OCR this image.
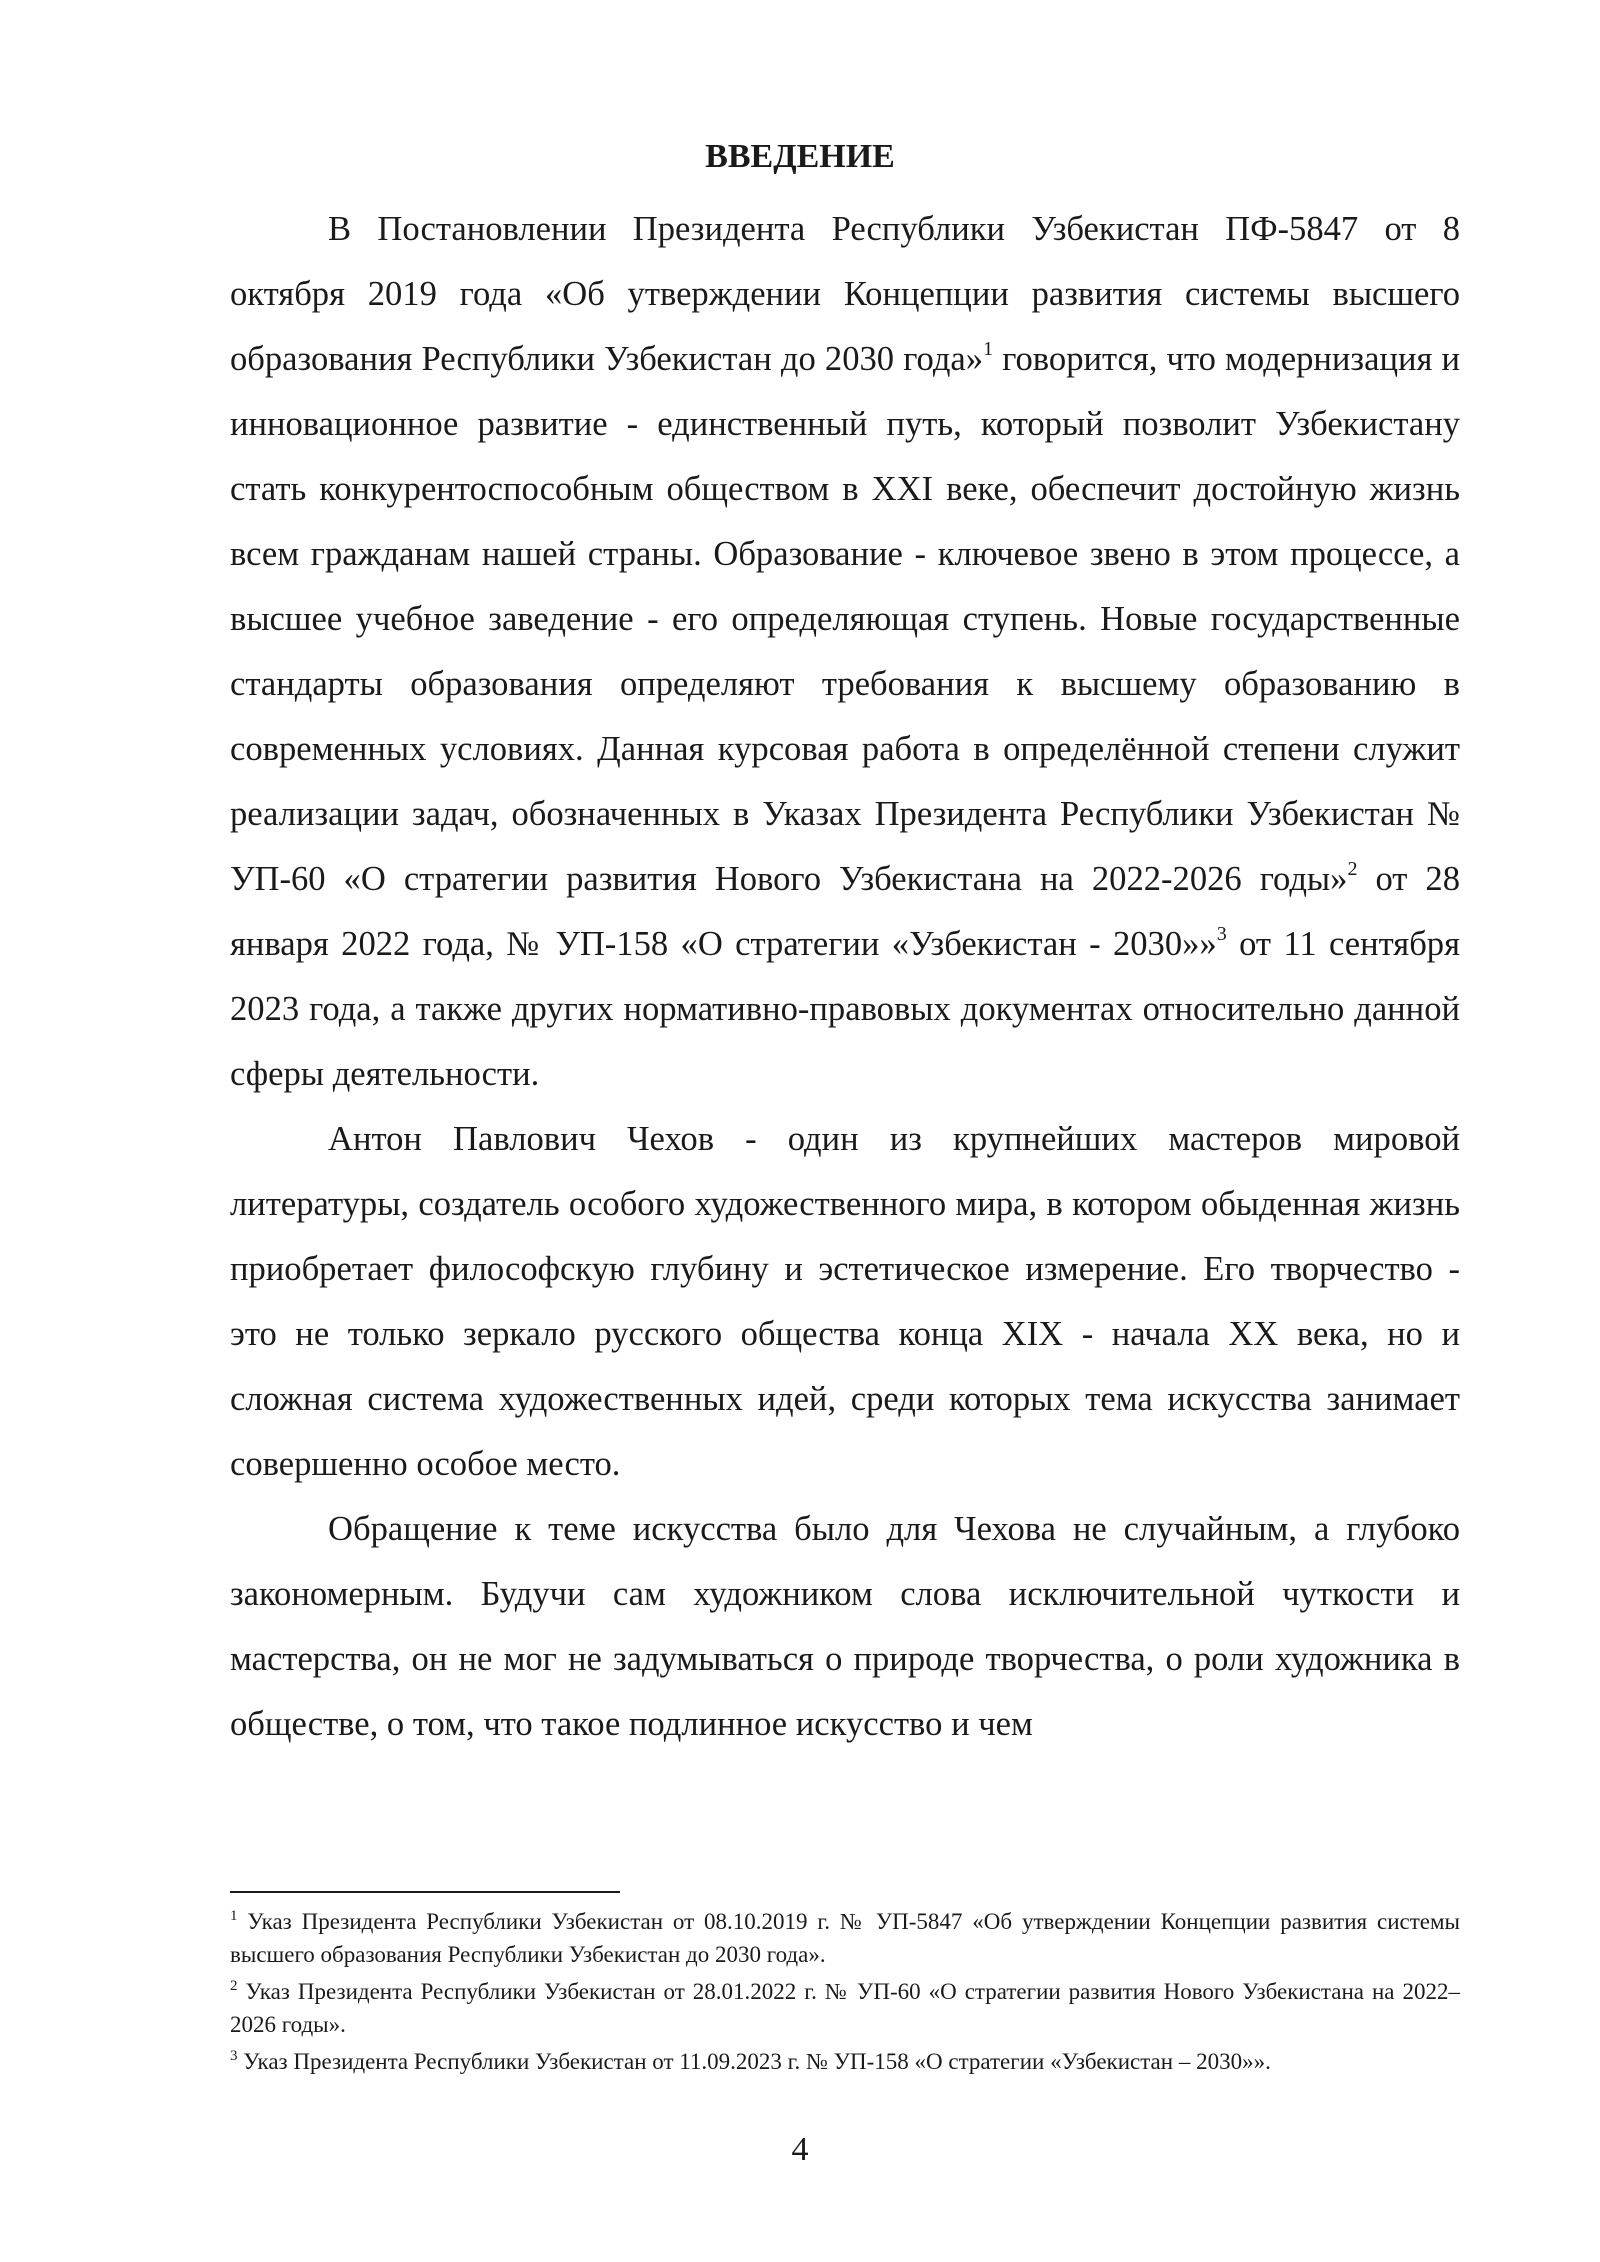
ВВЕДЕНИЕ

В Постановлении Президента Республики Узбекистан ПФ-5847 от 8 октября 2019 года «Об утверждении Концепции развития системы высшего образования Республики Узбекистан до 2030 года»$^1$ говорится, что модернизация и инновационное развитие - единственный путь, который позволит Узбекистану стать конкурентоспособным обществом в XXI веке, обеспечит достойную жизнь всем гражданам нашей страны. Образование - ключевое звено в этом процессе, а высшее учебное заведение - его определяющая ступень. Новые государственные стандарты образования определяют требования к высшему образованию в современных условиях. Данная курсовая работа в определённой степени служит реализации задач, обозначенных в Указах Президента Республики Узбекистан № УП-60 «О стратегии развития Нового Узбекистана на 2022-2026 годы»$^2$ от 28 января 2022 года, № УП-158 «О стратегии «Узбекистан - 2030»»$^3$ от 11 сентября 2023 года, а также других нормативно-правовых документах относительно данной сферы деятельности.

Антон Павлович Чехов - один из крупнейших мастеров мировой литературы, создатель особого художественного мира, в котором обыденная жизнь приобретает философскую глубину и эстетическое измерение. Его творчество - это не только зеркало русского общества конца XIX - начала XX века, но и сложная система художественных идей, среди которых тема искусства занимает совершенно особое место.

Обращение к теме искусства было для Чехова не случайным, а глубоко закономерным. Будучи сам художником слова исключительной чуткости и мастерства, он не мог не задумываться о природе творчества, о роли художника в обществе, о том, что такое подлинное искусство и чем

$^1$ Указ Президента Республики Узбекистан от 08.10.2019 г. № УП-5847 «Об утверждении Концепции развития системы высшего образования Республики Узбекистан до 2030 года».

$^2$ Указ Президента Республики Узбекистан от 28.01.2022 г. № УП-60 «О стратегии развития Нового Узбекистана на 2022–2026 годы».

$^3$ Указ Президента Республики Узбекистан от 11.09.2023 г. № УП-158 «О стратегии «Узбекистан – 2030»».

4
